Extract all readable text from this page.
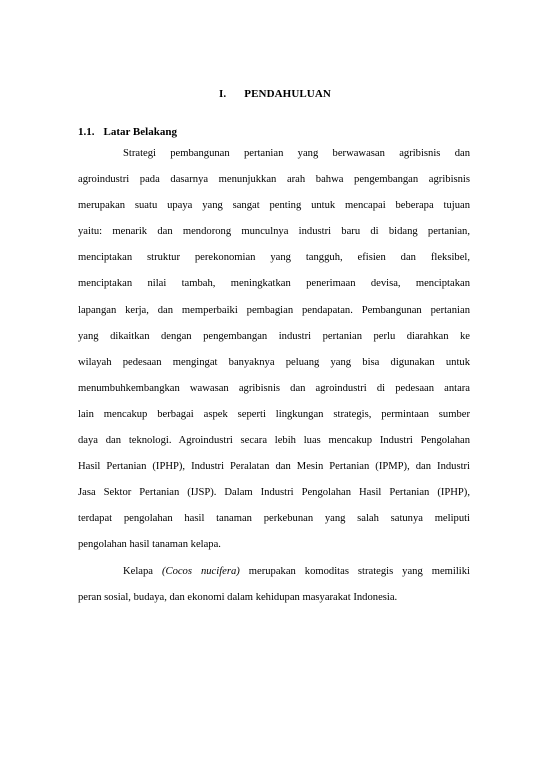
I. PENDAHULUAN
1.1. Latar Belakang
Strategi pembangunan pertanian yang berwawasan agribisnis dan
agroindustri pada dasarnya menunjukkan arah bahwa pengembangan agribisnis
merupakan suatu upaya yang sangat penting untuk mencapai beberapa tujuan
yaitu: menarik dan mendorong munculnya industri baru di bidang pertanian,
menciptakan struktur perekonomian yang tangguh, efisien dan fleksibel,
menciptakan nilai tambah, meningkatkan penerimaan devisa, menciptakan
lapangan kerja, dan memperbaiki pembagian pendapatan. Pembangunan pertanian
yang dikaitkan dengan pengembangan industri pertanian perlu diarahkan ke
wilayah pedesaan mengingat banyaknya peluang yang bisa digunakan untuk
menumbuhkembangkan wawasan agribisnis dan agroindustri di pedesaan antara
lain mencakup berbagai aspek seperti lingkungan strategis, permintaan sumber
daya dan teknologi. Agroindustri secara lebih luas mencakup Industri Pengolahan
Hasil Pertanian (IPHP), Industri Peralatan dan Mesin Pertanian (IPMP), dan Industri
Jasa Sektor Pertanian (IJSP). Dalam Industri Pengolahan Hasil Pertanian (IPHP),
terdapat pengolahan hasil tanaman perkebunan yang salah satunya meliputi
pengolahan hasil tanaman kelapa.
Kelapa (Cocos nucifera) merupakan komoditas strategis yang memiliki
peran sosial, budaya, dan ekonomi dalam kehidupan masyarakat Indonesia.
